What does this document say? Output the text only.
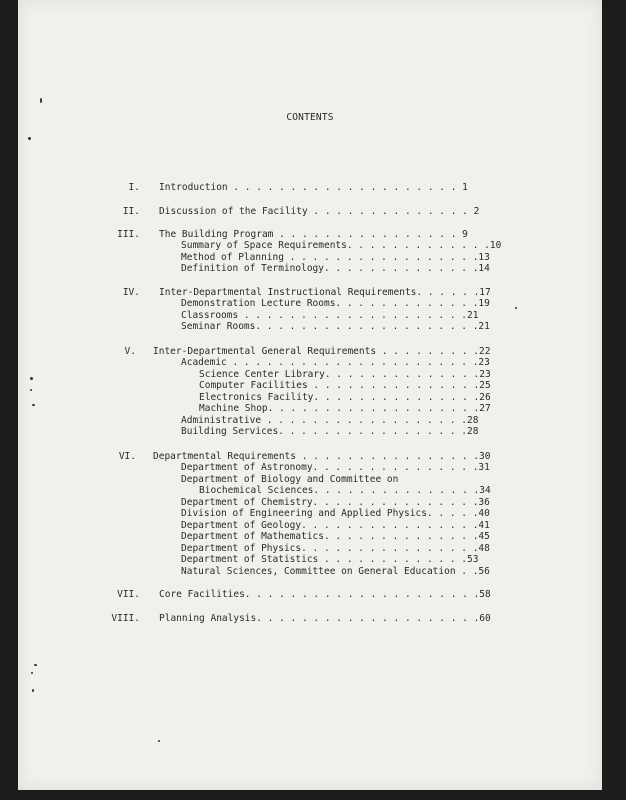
CONTENTS
I. Introduction . . . . . . . . . . . . . . . . . . . . 1
II. Discussion of the Facility . . . . . . . . . . . . . . 2
III. The Building Program . . . . . . . . . . . . . . . . 9
Summary of Space Requirements. . . . . . . . . . . . .10
Method of Planning . . . . . . . . . . . . . . . . .13
Definition of Terminology. . . . . . . . . . . . . .14
IV. Inter-Departmental Instructional Requirements. . . . . .17
Demonstration Lecture Rooms. . . . . . . . . . . . .19
Classrooms . . . . . . . . . . . . . . . . . . . .21
Seminar Rooms. . . . . . . . . . . . . . . . . . . .21
V. Inter-Departmental General Requirements . . . . . . . . .22
Academic . . . . . . . . . . . . . . . . . . . . . .23
Science Center Library. . . . . . . . . . . . . .23
Computer Facilities . . . . . . . . . . . . . . .25
Electronics Facility. . . . . . . . . . . . . . .26
Machine Shop. . . . . . . . . . . . . . . . . . .27
Administrative . . . . . . . . . . . . . . . . . .28
Building Services. . . . . . . . . . . . . . . . .28
VI. Departmental Requirements . . . . . . . . . . . . . . . .30
Department of Astronomy. . . . . . . . . . . . . . .31
Department of Biology and Committee on
Biochemical Sciences. . . . . . . . . . . . . . .34
Department of Chemistry. . . . . . . . . . . . . . .36
Division of Engineering and Applied Physics. . . . .40
Department of Geology. . . . . . . . . . . . . . . .41
Department of Mathematics. . . . . . . . . . . . . .45
Department of Physics. . . . . . . . . . . . . . . .48
Department of Statistics . . . . . . . . . . . . .53
Natural Sciences, Committee on General Education . .56
VII. Core Facilities. . . . . . . . . . . . . . . . . . . . .58
VIII. Planning Analysis. . . . . . . . . . . . . . . . . . . .60
